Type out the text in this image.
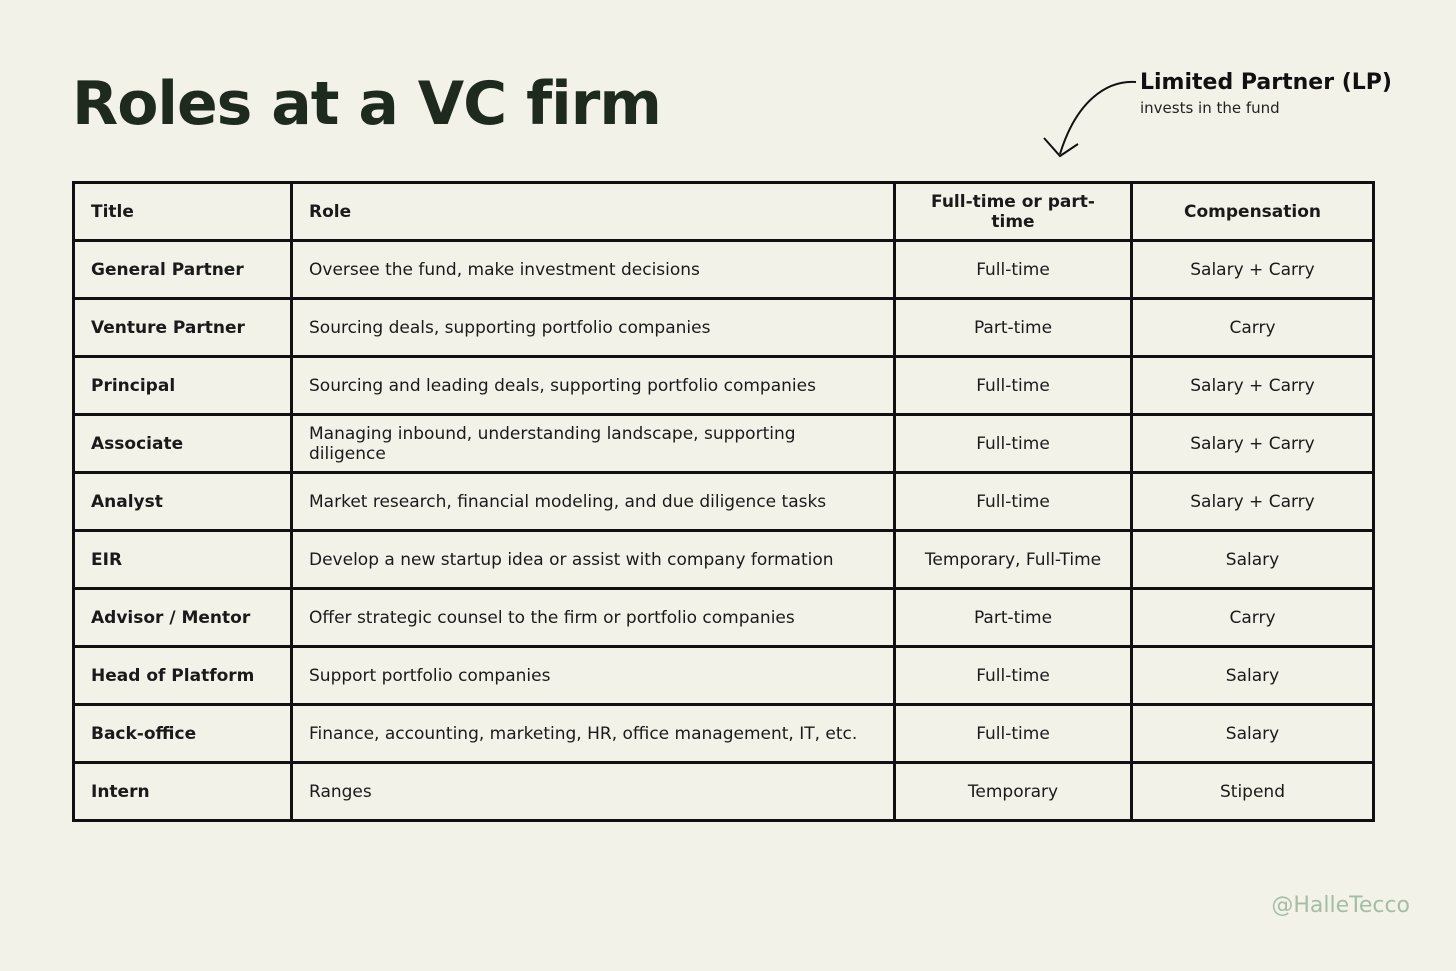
Roles at a VC firm	Limited Partner (LP)
invests in the fund
Title	Role	Full-time or part-time	Compensation
General Partner	Oversee the fund, make investment decisions	Full-time	Salary + Carry
Venture Partner	Sourcing deals, supporting portfolio companies	Part-time	Carry
Principal	Sourcing and leading deals, supporting portfolio companies	Full-time	Salary + Carry
Associate	Managing inbound, understanding landscape, supporting diligence	Full-time	Salary + Carry
Analyst	Market research, financial modeling, and due diligence tasks	Full-time	Salary + Carry
EIR	Develop a new startup idea or assist with company formation	Temporary, Full-Time	Salary
Advisor / Mentor	Offer strategic counsel to the firm or portfolio companies	Part-time	Carry
Head of Platform	Support portfolio companies	Full-time	Salary
Back-office	Finance, accounting, marketing, HR, office management, IT, etc.	Full-time	Salary
Intern	Ranges	Temporary	Stipend
@HalleTecco
